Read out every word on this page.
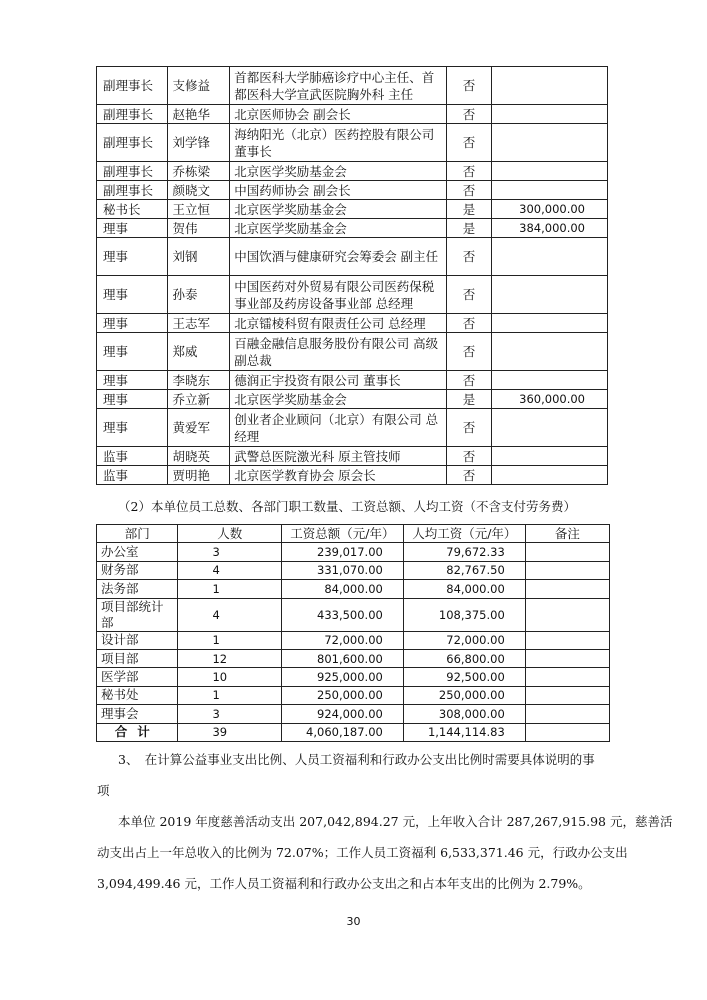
副理事长	支修益	首都医科大学肺癌诊疗中心主任、首都医科大学宣武医院胸外科 主任	否	
副理事长	赵艳华	北京医师协会 副会长	否	
副理事长	刘学锋	海纳阳光（北京）医药控股有限公司董事长	否	
副理事长	乔栋梁	北京医学奖励基金会	否	
副理事长	颜晓文	中国药师协会 副会长	否	
秘书长	王立恒	北京医学奖励基金会	是	300,000.00
理事	贺伟	北京医学奖励基金会	是	384,000.00
理事	刘钢	中国饮酒与健康研究会筹委会 副主任	否	
理事	孙泰	中国医药对外贸易有限公司医药保税事业部及药房设备事业部 总经理	否	
理事	王志军	北京镭棱科贸有限责任公司 总经理	否	
理事	郑威	百融金融信息服务股份有限公司 高级副总裁	否	
理事	李晓东	德润正宇投资有限公司 董事长	否	
理事	乔立新	北京医学奖励基金会	是	360,000.00
理事	黄爱军	创业者企业顾问（北京）有限公司 总经理	否	
监事	胡晓英	武警总医院激光科 原主管技师	否	
监事	贾明艳	北京医学教育协会 原会长	否	
（2）本单位员工总数、各部门职工数量、工资总额、人均工资（不含支付劳务费）
部门	人数	工资总额（元/年）	人均工资（元/年）	备注
办公室	3	239,017.00	79,672.33	
财务部	4	331,070.00	82,767.50	
法务部	1	84,000.00	84,000.00	
项目部统计部	4	433,500.00	108,375.00	
设计部	1	72,000.00	72,000.00	
项目部	12	801,600.00	66,800.00	
医学部	10	925,000.00	92,500.00	
秘书处	1	250,000.00	250,000.00	
理事会	3	924,000.00	308,000.00	
合计	39	4,060,187.00	1,144,114.83	
3、　在计算公益事业支出比例、人员工资福利和行政办公支出比例时需要具体说明的事
项
本单位 2019 年度慈善活动支出 207,042,894.27 元，上年收入合计 287,267,915.98 元，慈善活
动支出占上一年总收入的比例为 72.07%；工作人员工资福利 6,533,371.46 元，行政办公支出
3,094,499.46 元，工作人员工资福利和行政办公支出之和占本年支出的比例为 2.79%。
30
